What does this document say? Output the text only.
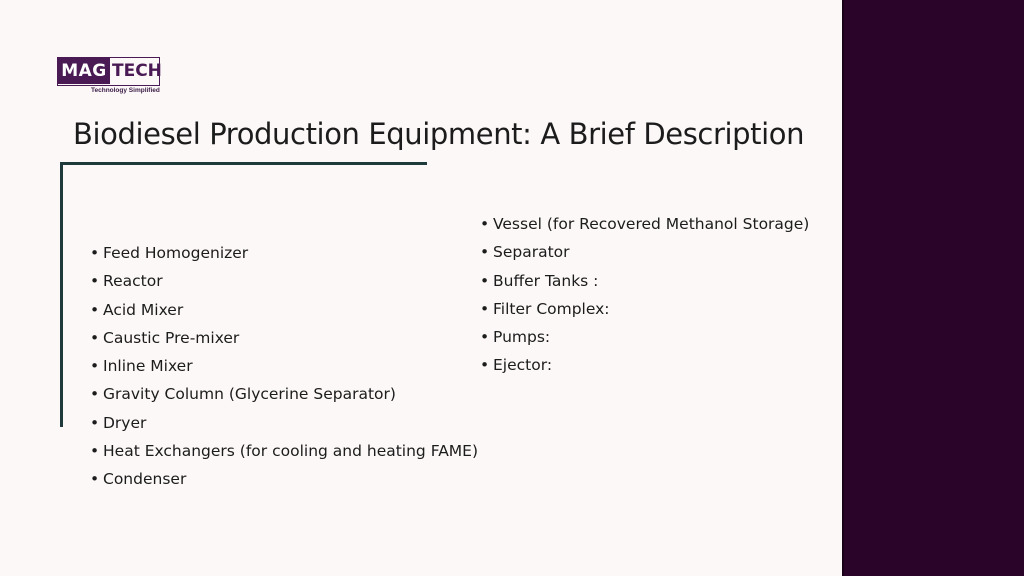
MAG TECH
Technology Simplified
Biodiesel Production Equipment: A Brief Description
• Feed Homogenizer
• Reactor
• Acid Mixer
• Caustic Pre-mixer
• Inline Mixer
• Gravity Column (Glycerine Separator)
• Dryer
• Heat Exchangers (for cooling and heating FAME)
• Condenser
• Vessel (for Recovered Methanol Storage)
• Separator
• Buffer Tanks :
• Filter Complex:
• Pumps:
• Ejector:
